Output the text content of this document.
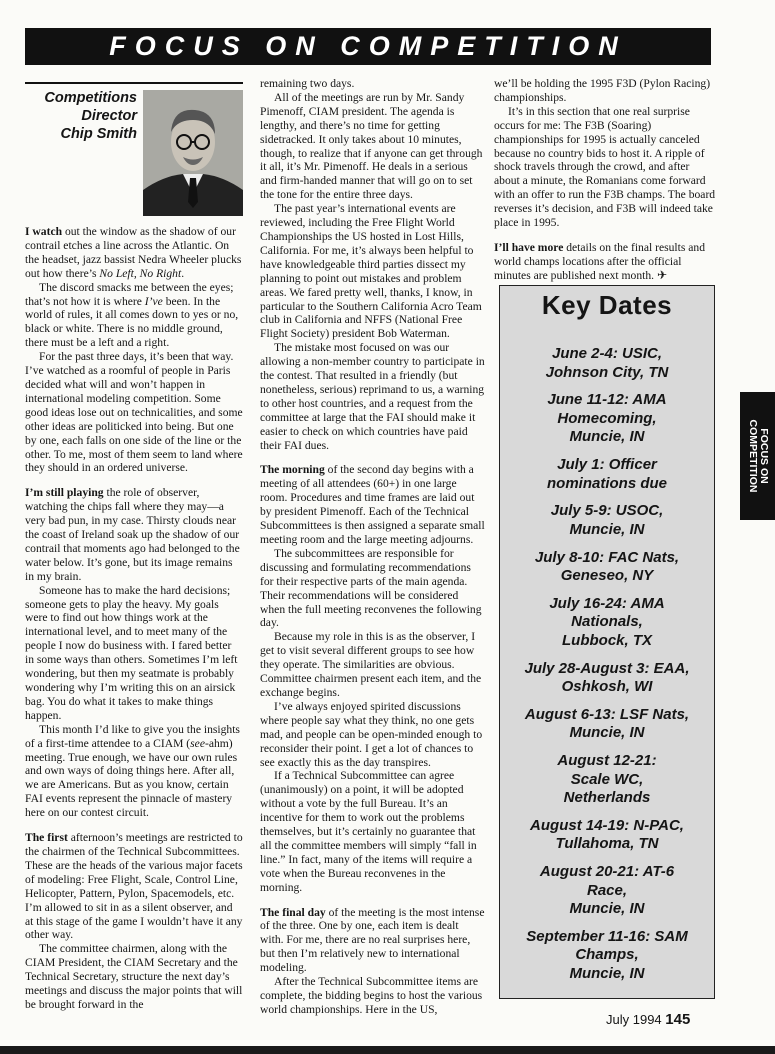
FOCUS ON COMPETITION
Competitions
Director
Chip Smith

I watch out the window as the shadow of our contrail etches a line across the Atlantic. On the headset, jazz bassist Nedra Wheeler plucks out how there’s No Left, No Right.

The discord smacks me between the eyes; that’s not how it is where I’ve been. In the world of rules, it all comes down to yes or no, black or white. There is no middle ground, there must be a left and a right.

For the past three days, it’s been that way. I’ve watched as a roomful of people in Paris decided what will and won’t happen in international modeling competition. Some good ideas lose out on technicalities, and some other ideas are politicked into being. But one by one, each falls on one side of the line or the other. To me, most of them seem to land where they should in an ordered universe.

I’m still playing the role of observer, watching the chips fall where they may—a very bad pun, in my case. Thirsty clouds near the coast of Ireland soak up the shadow of our contrail that moments ago had belonged to the water below. It’s gone, but its image remains in my brain.

Someone has to make the hard decisions; someone gets to play the heavy. My goals were to find out how things work at the international level, and to meet many of the people I now do business with. I fared better in some ways than others. Sometimes I’m left wondering, but then my seatmate is probably wondering why I’m writing this on an airsick bag. You do what it takes to make things happen.

This month I’d like to give you the insights of a first-time attendee to a CIAM (see-ahm) meeting. True enough, we have our own rules and own ways of doing things here. After all, we are Americans. But as you know, certain FAI events represent the pinnacle of mastery here on our contest circuit.

The first afternoon’s meetings are restricted to the chairmen of the Technical Subcommittees. These are the heads of the various major facets of modeling: Free Flight, Scale, Control Line, Helicopter, Pattern, Pylon, Spacemodels, etc. I’m allowed to sit in as a silent observer, and at this stage of the game I wouldn’t have it any other way.

The committee chairmen, along with the CIAM President, the CIAM Secretary and the Technical Secretary, structure the next day’s meetings and discuss the major points that will be brought forward in the

remaining two days.

All of the meetings are run by Mr. Sandy Pimenoff, CIAM president. The agenda is lengthy, and there’s no time for getting sidetracked. It only takes about 10 minutes, though, to realize that if anyone can get through it all, it’s Mr. Pimenoff. He deals in a serious and firm-handed manner that will go on to set the tone for the entire three days.

The past year’s international events are reviewed, including the Free Flight World Championships the US hosted in Lost Hills, California. For me, it’s always been helpful to have knowledgeable third parties dissect my planning to point out mistakes and problem areas. We fared pretty well, thanks, I know, in particular to the Southern California Acro Team club in California and NFFS (National Free Flight Society) president Bob Waterman.

The mistake most focused on was our allowing a non-member country to participate in the contest. That resulted in a friendly (but nonetheless, serious) reprimand to us, a warning to other host countries, and a request from the committee at large that the FAI should make it easier to check on which countries have paid their FAI dues.

The morning of the second day begins with a meeting of all attendees (60+) in one large room. Procedures and time frames are laid out by president Pimenoff. Each of the Technical Subcommittees is then assigned a separate small meeting room and the large meeting adjourns.

The subcommittees are responsible for discussing and formulating recommendations for their respective parts of the main agenda. Their recommendations will be considered when the full meeting reconvenes the following day.

Because my role in this is as the observer, I get to visit several different groups to see how they operate. The similarities are obvious. Committee chairmen present each item, and the exchange begins.

I’ve always enjoyed spirited discussions where people say what they think, no one gets mad, and people can be open-minded enough to reconsider their point. I get a lot of chances to see exactly this as the day transpires.

If a Technical Subcommittee can agree (unanimously) on a point, it will be adopted without a vote by the full Bureau. It’s an incentive for them to work out the problems themselves, but it’s certainly no guarantee that all the committee members will simply “fall in line.” In fact, many of the items will require a vote when the Bureau reconvenes in the morning.

The final day of the meeting is the most intense of the three. One by one, each item is dealt with. For me, there are no real surprises here, but then I’m relatively new to international modeling.

After the Technical Subcommittee items are complete, the bidding begins to host the various world championships. Here in the US,

we’ll be holding the 1995 F3D (Pylon Racing) championships.

It’s in this section that one real surprise occurs for me: The F3B (Soaring) championships for 1995 is actually canceled because no country bids to host it. A ripple of shock travels through the crowd, and after about a minute, the Romanians come forward with an offer to run the F3B champs. The board reverses it’s decision, and F3B will indeed take place in 1995.

I’ll have more details on the final results and world champs locations after the official minutes are published next month. ✈

Key Dates
June 2-4: USIC,
Johnson City, TN
June 11-12: AMA
Homecoming,
Muncie, IN
July 1: Officer
nominations due
July 5-9: USOC,
Muncie, IN
July 8-10: FAC Nats,
Geneseo, NY
July 16-24: AMA
Nationals,
Lubbock, TX
July 28-August 3: EAA,
Oshkosh, WI
August 6-13: LSF Nats,
Muncie, IN
August 12-21:
Scale WC,
Netherlands
August 14-19: N-PAC,
Tullahoma, TN
August 20-21: AT-6
Race,
Muncie, IN
September 11-16: SAM
Champs,
Muncie, IN
FOCUS ON
COMPETITION
July 1994 145
